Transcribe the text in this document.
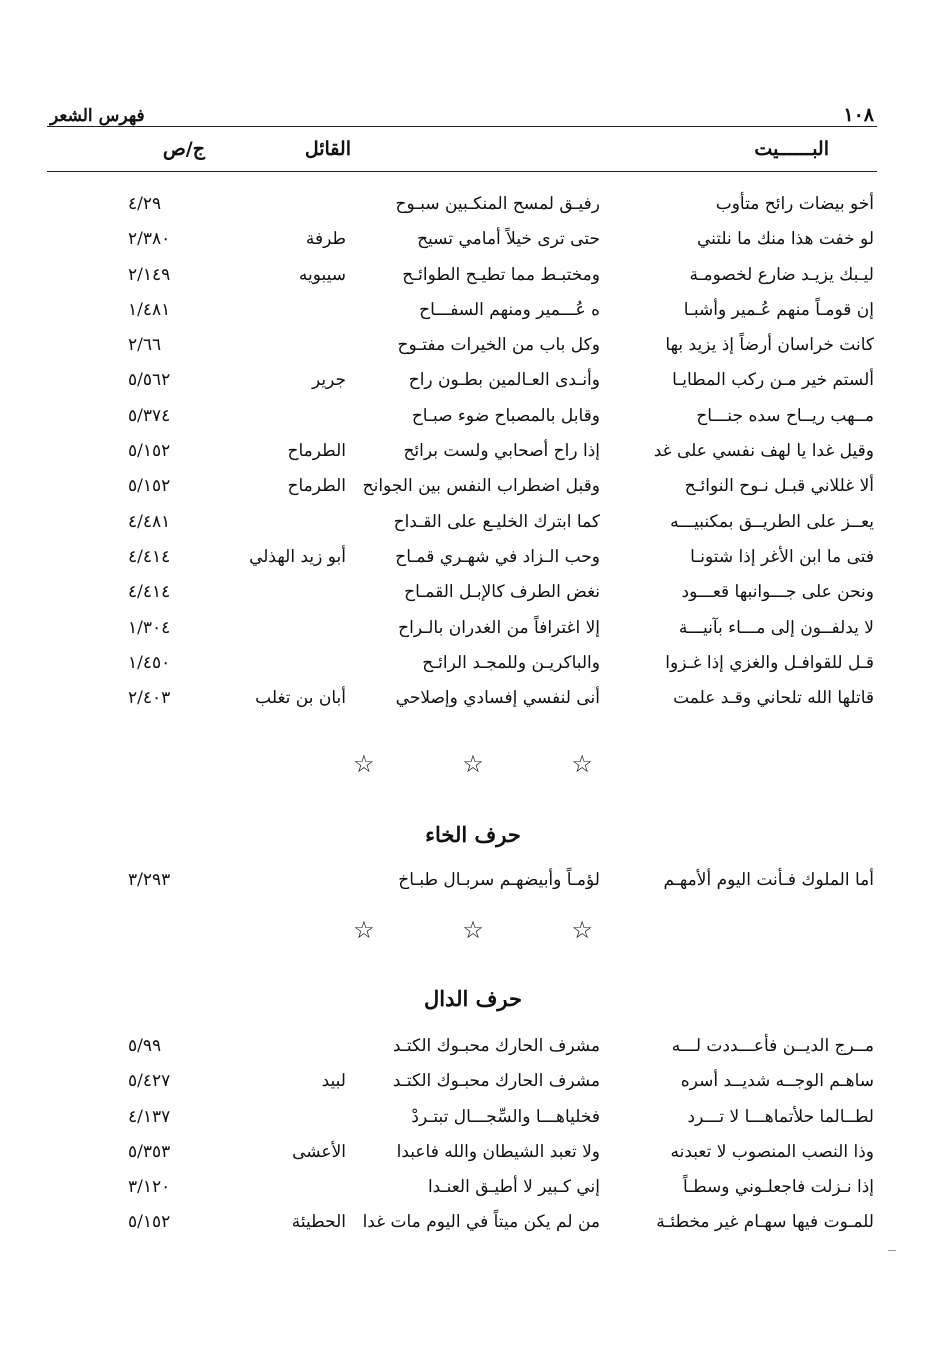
فهرس الشعر	١٠٨
البــــــيت
القائل
ج/ص
أخو بيضات رائح متأوب
رفيـق لمسح المنكـبين سبـوح
٤/٢٩
لو خفت هذا منك ما نلتني
حتى ترى خيلاً أمامي تسيح
طرفة
٢/٣٨٠
ليـبك يزيـد ضارع لخصومـة
ومختبـط مما تطيـح الطوائـح
سيبويه
٢/١٤٩
إن قومـاً منهم عُـمير وأشبـا
ه عُـــمير ومنهم السفـــاح
١/٤٨١
كانت خراسان أرضاً إذ يزيد بها
وكل باب من الخيرات مفتـوح
٢/٦٦
ألستم خير مـن ركب المطايـا
وأنـدى العـالمين بطـون راح
جرير
٥/٥٦٢
مــهب ريــاح سده جنـــاح
وقابل بالمصباح ضوء صبـاح
٥/٣٧٤
وقيل غدا يا لهف نفسي على غد
إذا راح أصحابي ولست برائح
الطرماح
٥/١٥٢
ألا غللاني قبـل نـوح النوائـح
وقبل اضطراب النفس بين الجوانح
الطرماح
٥/١٥٢
يعــز على الطريــق بمكنبيـــه
كما ابترك الخليـع على القـداح
٤/٤٨١
فتى ما ابن الأغر إذا شتونـا
وحب الـزاد في شهـري قمـاح
أبو زيد الهذلي
٤/٤١٤
ونحن على جـــوانبها قعـــود
نغض الطرف كالإبـل القمـاح
٤/٤١٤
لا يدلفــون إلى مـــاء بآنيـــة
إلا اغترافاً من الغدران بالـراح
١/٣٠٤
قـل للقوافـل والغزي إذا غـزوا
والباكريـن وللمجـد الرائـح
١/٤٥٠
قاتلها الله تلحاني وقـد علمت
أنى لنفسي إفسادي وإصلاحي
أبان بن تغلب
٢/٤٠٣
☆ ☆ ☆
حرف الخاء
أما الملوك فـأنت اليوم ألأمهـم
لؤمـاً وأبيضهـم سربـال طبـاخ
٣/٢٩٣
☆ ☆ ☆
حرف الدال
مــرج الديــن فأعـــددت لـــه
مشرف الحارك محبـوك الكتـد
٥/٩٩
ساهـم الوجــه شديــد أسره
مشرف الحارك محبـوك الكتـد
لبيد
٥/٤٢٧
لطــالما حلأتماهـــا لا تـــرد
فخلياهـــا والسِّجـــال تبتـردْ
٤/١٣٧
وذا النصب المنصوب لا تعبدنه
ولا تعبد الشيطان والله فاعبدا
الأعشى
٥/٣٥٣
إذا نـزلت فاجعلـوني وسطـاً
إني كـبير لا أطيـق العنـدا
٣/١٢٠
للمـوت فيها سهـام غير مخطئـة
من لم يكن ميتاً في اليوم مات غدا
الحطيئة
٥/١٥٢
